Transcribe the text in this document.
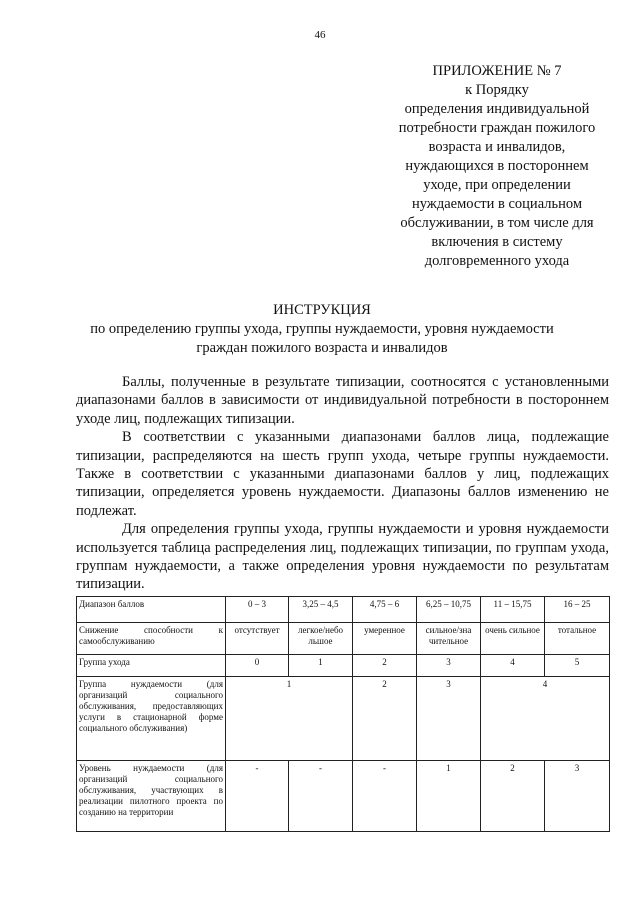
46
ПРИЛОЖЕНИЕ № 7
к Порядку
определения индивидуальной
потребности граждан пожилого
возраста и инвалидов,
нуждающихся в постороннем
уходе, при определении
нуждаемости в социальном
обслуживании, в том числе для
включения в систему
долговременного ухода
ИНСТРУКЦИЯ
по определению группы ухода, группы нуждаемости, уровня нуждаемости
граждан пожилого возраста и инвалидов

Баллы, полученные в результате типизации, соотносятся с установленными диапазонами баллов в зависимости от индивидуальной потребности в постороннем уходе лиц, подлежащих типизации.

В соответствии с указанными диапазонами баллов лица, подлежащие типизации, распределяются на шесть групп ухода, четыре группы нуждаемости. Также в соответствии с указанными диапазонами баллов у лиц, подлежащих типизации, определяется уровень нуждаемости. Диапазоны баллов изменению не подлежат.

Для определения группы ухода, группы нуждаемости и уровня нуждаемости используется таблица распределения лиц, подлежащих типизации, по группам ухода, группам нуждаемости, а также определения уровня нуждаемости по результатам типизации.

Диапазон баллов	0 – 3	3,25 – 4,5	4,75 – 6	6,25 – 10,75	11 – 15,75	16 – 25

Снижение способности к самообслуживанию	отсутствует	легкое/небо льшое	умеренное	сильное/зна чительное	очень сильное	тотальное
Группа ухода	0	1	2	3	4	5
Группа нуждаемости (для организаций социального обслуживания, предоставляющих услуги в стационарной форме социального обслуживания)	1		2	3	4	
Уровень нуждаемости (для организаций социального обслуживания, участвующих в реализации пилотного проекта по созданию на территории	-	-	-	1	2	3
